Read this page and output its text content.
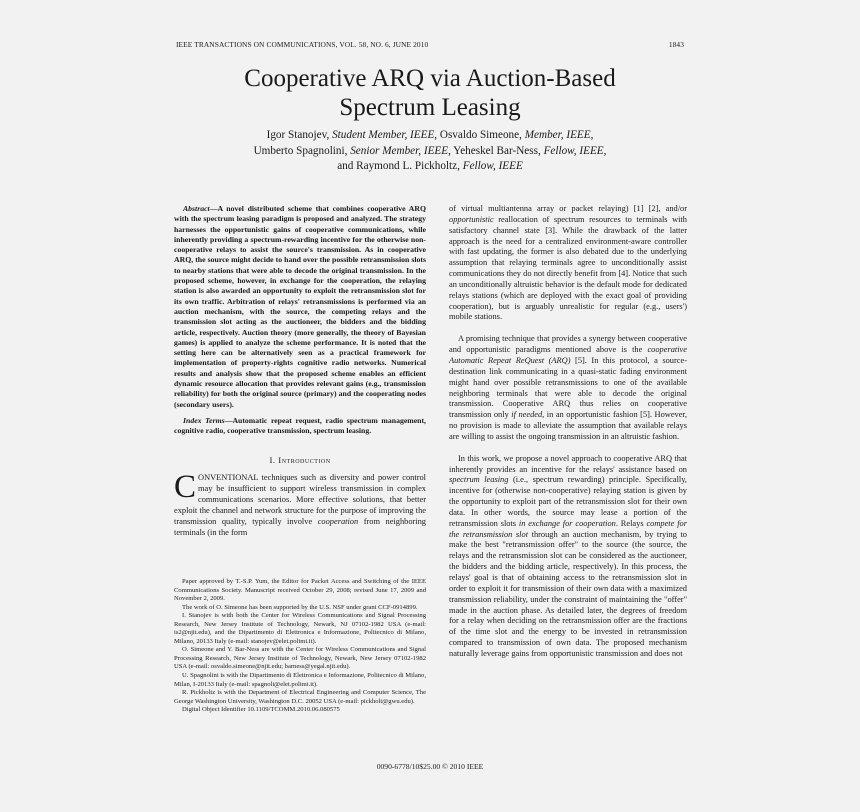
IEEE TRANSACTIONS ON COMMUNICATIONS, VOL. 58, NO. 6, JUNE 2010	1843
Cooperative ARQ via Auction-Based
Spectrum Leasing
Igor Stanojev, Student Member, IEEE, Osvaldo Simeone, Member, IEEE,
Umberto Spagnolini, Senior Member, IEEE, Yeheskel Bar-Ness, Fellow, IEEE,
and Raymond L. Pickholtz, Fellow, IEEE

Abstract—A novel distributed scheme that combines cooperative ARQ with the spectrum leasing paradigm is proposed and analyzed. The strategy harnesses the opportunistic gains of cooperative communications, while inherently providing a spectrum-rewarding incentive for the otherwise non-cooperative relays to assist the source's transmission. As in cooperative ARQ, the source might decide to hand over the possible retransmission slots to nearby stations that were able to decode the original transmission. In the proposed scheme, however, in exchange for the cooperation, the relaying station is also awarded an opportunity to exploit the retransmission slot for its own traffic. Arbitration of relays' retransmissions is performed via an auction mechanism, with the source, the competing relays and the transmission slot acting as the auctioneer, the bidders and the bidding article, respectively. Auction theory (more generally, the theory of Bayesian games) is applied to analyze the scheme performance. It is noted that the setting here can be alternatively seen as a practical framework for implementation of property-rights cognitive radio networks. Numerical results and analysis show that the proposed scheme enables an efficient dynamic resource allocation that provides relevant gains (e.g., transmission reliability) for both the original source (primary) and the cooperating nodes (secondary users).

Index Terms—Automatic repeat request, radio spectrum management, cognitive radio, cooperative transmission, spectrum leasing.

I. Introduction

CONVENTIONAL techniques such as diversity and power control may be insufficient to support wireless transmission in complex communications scenarios. More effective solutions, that better exploit the channel and network structure for the purpose of improving the transmission quality, typically involve cooperation from neighboring terminals (in the form

Paper approved by T.-S.P. Yum, the Editor for Packet Access and Switching of the IEEE Communications Society. Manuscript received October 29, 2008; revised June 17, 2009 and November 2, 2009.

The work of O. Simeone has been supported by the U.S. NSF under grant CCF-0914899.

I. Stanojev is with both the Center for Wireless Communications and Signal Processing Research, New Jersey Institute of Technology, Newark, NJ 07102-1982 USA (e-mail: is2@njit.edu), and the Dipartimento di Elettronica e Informazione, Politecnico di Milano, Milano, 20133 Italy (e-mail: stanojev@elet.polimi.it).

O. Simeone and Y. Bar-Ness are with the Center for Wireless Communications and Signal Processing Research, New Jersey Institute of Technology, Newark, New Jersey 07102-1982 USA (e-mail: osvaldo.simeone@njit.edu; barness@yegal.njit.edu).

U. Spagnolini is with the Dipartimento di Elettronica e Informazione, Politecnico di Milano, Milan, I-20133 Italy (e-mail: spagnoli@elet.polimi.it).

R. Pickholtz is with the Department of Electrical Engineering and Computer Science, The George Washington University, Washington D.C. 20052 USA (e-mail: pickholt@gwu.edu).

Digital Object Identifier 10.1109/TCOMM.2010.06.080575

of virtual multiantenna array or packet relaying) [1] [2], and/or opportunistic reallocation of spectrum resources to terminals with satisfactory channel state [3]. While the drawback of the latter approach is the need for a centralized environment-aware controller with fast updating, the former is also debated due to the underlying assumption that relaying terminals agree to unconditionally assist communications they do not directly benefit from [4]. Notice that such an unconditionally altruistic behavior is the default mode for dedicated relays stations (which are deployed with the exact goal of providing cooperation), but is arguably unrealistic for regular (e.g., users') mobile stations.

A promising technique that provides a synergy between cooperative and opportunistic paradigms mentioned above is the cooperative Automatic Repeat ReQuest (ARQ) [5]. In this protocol, a source-destination link communicating in a quasi-static fading environment might hand over possible retransmissions to one of the available neighboring terminals that were able to decode the original transmission. Cooperative ARQ thus relies on cooperative transmission only if needed, in an opportunistic fashion [5]. However, no provision is made to alleviate the assumption that available relays are willing to assist the ongoing transmission in an altruistic fashion.

In this work, we propose a novel approach to cooperative ARQ that inherently provides an incentive for the relays' assistance based on spectrum leasing (i.e., spectrum rewarding) principle. Specifically, incentive for (otherwise non-cooperative) relaying station is given by the opportunity to exploit part of the retransmission slot for their own data. In other words, the source may lease a portion of the retransmission slots in exchange for cooperation. Relays compete for the retransmission slot through an auction mechanism, by trying to make the best "retransmission offer" to the source (the source, the relays and the retransmission slot can be considered as the auctioneer, the bidders and the bidding article, respectively). In this process, the relays' goal is that of obtaining access to the retransmission slot in order to exploit it for transmission of their own data with a maximized transmission reliability, under the constraint of maintaining the "offer" made in the auction phase. As detailed later, the degrees of freedom for a relay when deciding on the retransmission offer are the fractions of the time slot and the energy to be invested in retransmission compared to transmission of own data. The proposed mechanism naturally leverage gains from opportunistic transmission and does not

0090-6778/10$25.00 © 2010 IEEE
